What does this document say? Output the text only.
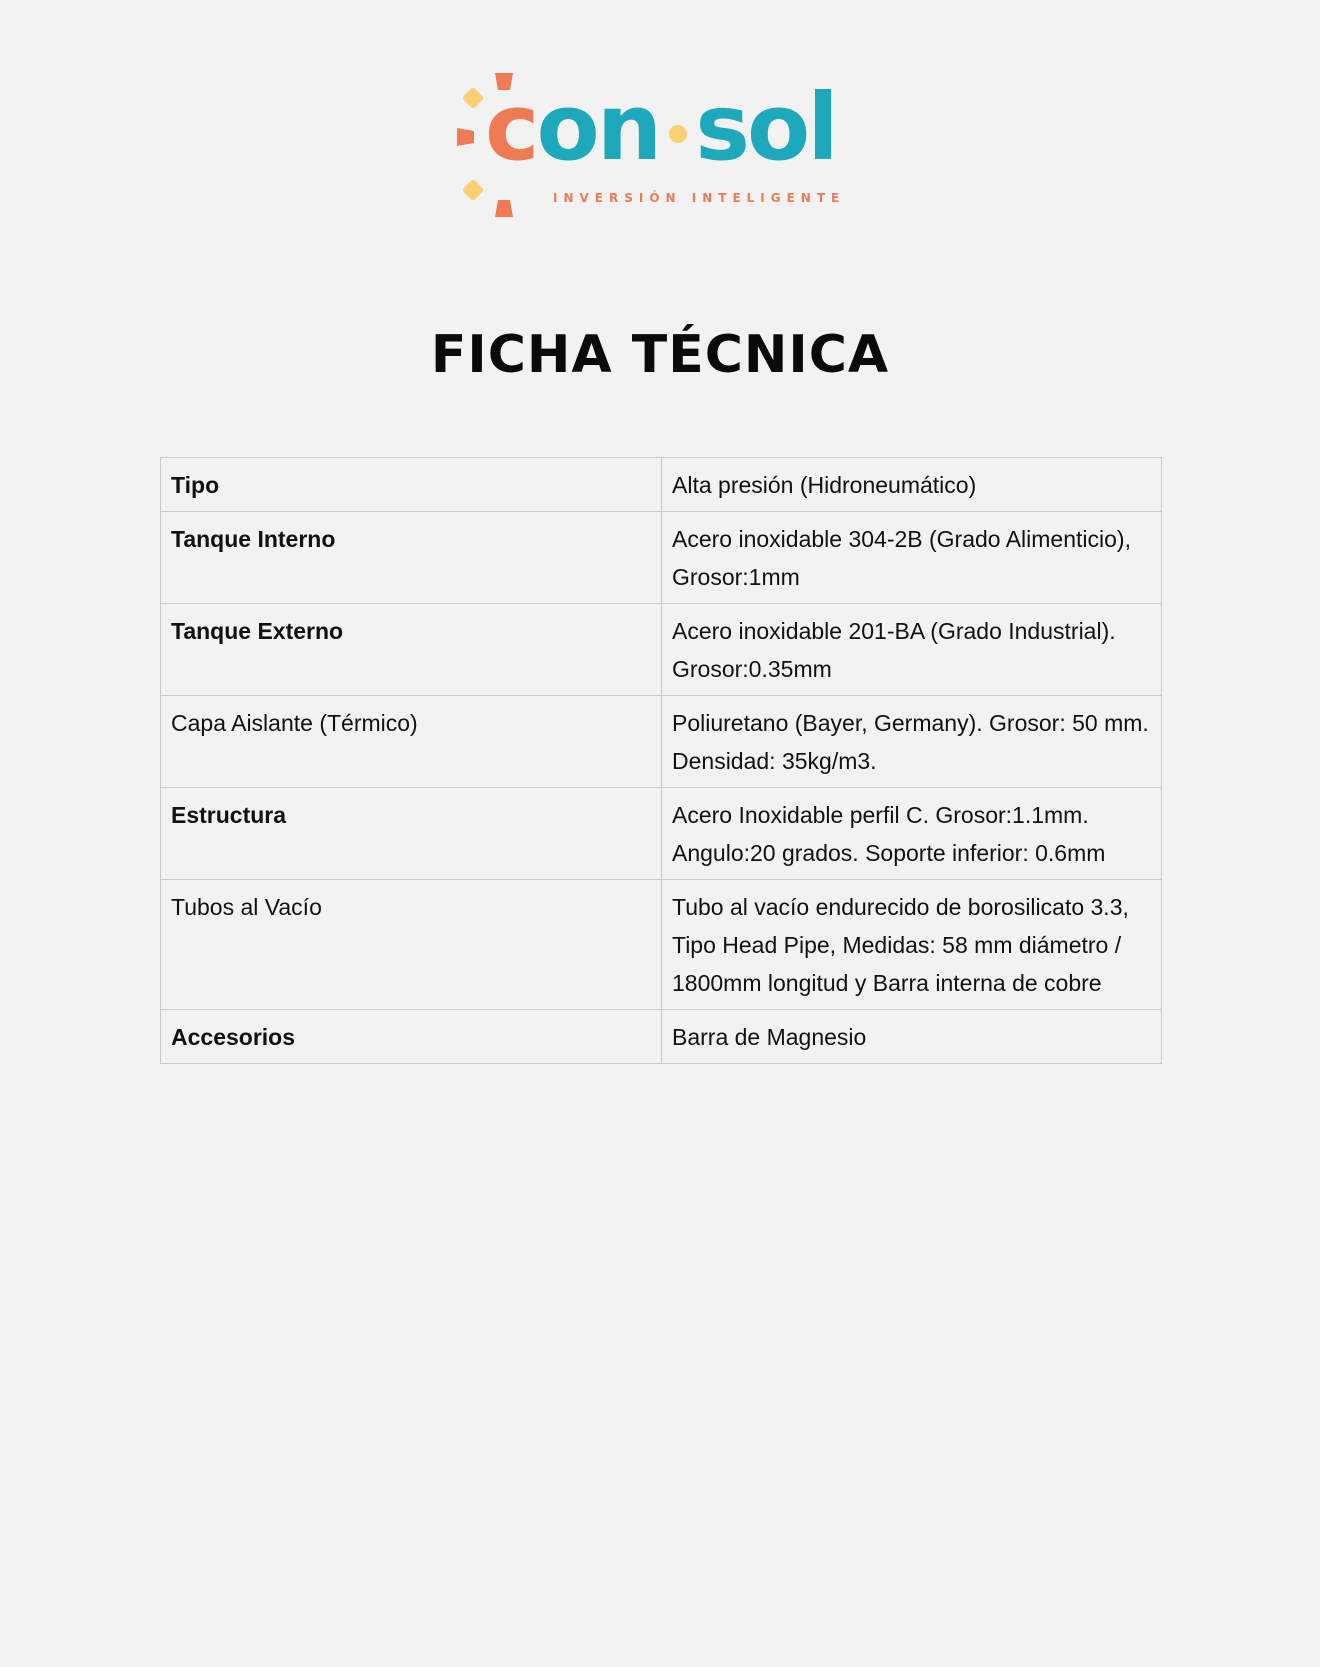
con sol
INVERSIÓN INTELIGENTE
FICHA TÉCNICA
Tipo	Alta presión (Hidroneumático)
Tanque Interno	Acero inoxidable 304-2B (Grado Alimenticio), Grosor:1mm
Tanque Externo	Acero inoxidable 201-BA (Grado Industrial). Grosor:0.35mm
Capa Aislante (Térmico)	Poliuretano (Bayer, Germany). Grosor: 50 mm. Densidad: 35kg/m3.
Estructura	Acero Inoxidable perfil C. Grosor:1.1mm. Angulo:20 grados. Soporte inferior: 0.6mm
Tubos al Vacío	Tubo al vacío endurecido de borosilicato 3.3, Tipo Head Pipe, Medidas: 58 mm diámetro / 1800mm longitud y Barra interna de cobre
Accesorios	Barra de Magnesio
